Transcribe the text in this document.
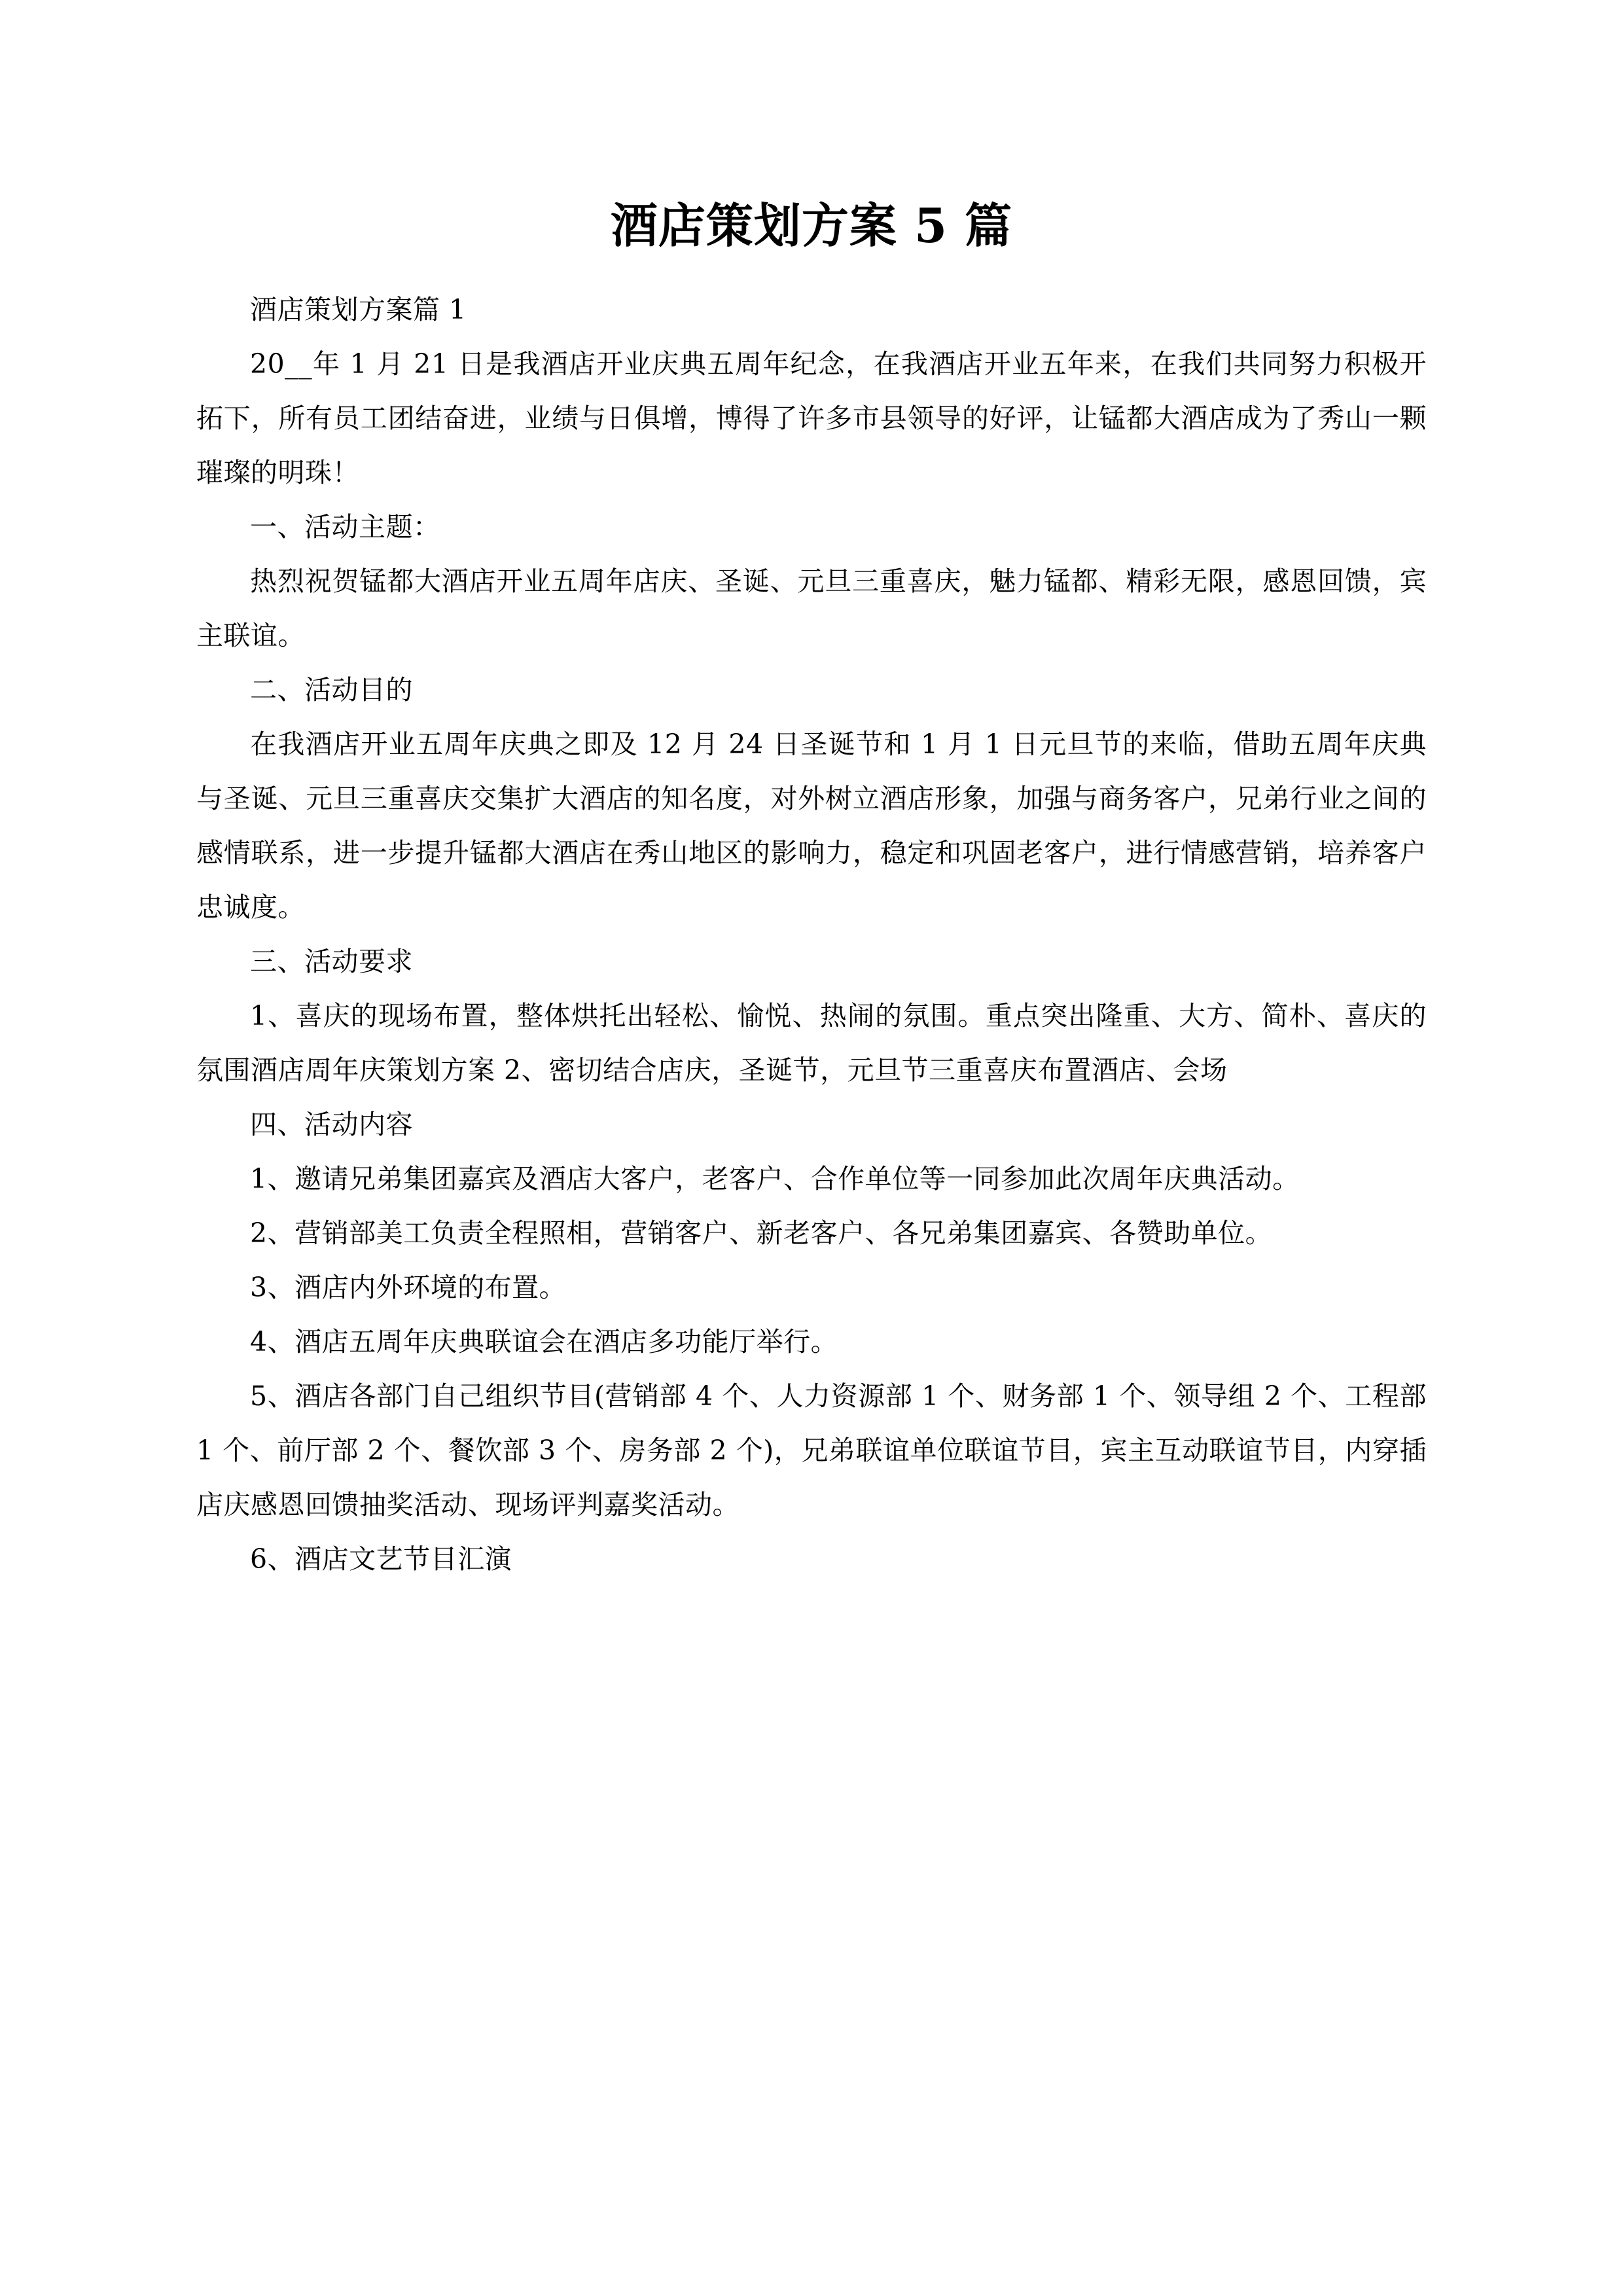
酒店策划方案 5 篇

酒店策划方案篇 1

20__年 1 月 21 日是我酒店开业庆典五周年纪念，在我酒店开业五年来，在我们共同努力积极开拓下，所有员工团结奋进，业绩与日俱增，博得了许多市县领导的好评，让锰都大酒店成为了秀山一颗璀璨的明珠！

一、活动主题：

热烈祝贺锰都大酒店开业五周年店庆、圣诞、元旦三重喜庆，魅力锰都、精彩无限，感恩回馈，宾主联谊。

二、活动目的

在我酒店开业五周年庆典之即及 12 月 24 日圣诞节和 1 月 1 日元旦节的来临，借助五周年庆典与圣诞、元旦三重喜庆交集扩大酒店的知名度，对外树立酒店形象，加强与商务客户，兄弟行业之间的感情联系，进一步提升锰都大酒店在秀山地区的影响力，稳定和巩固老客户，进行情感营销，培养客户忠诚度。

三、活动要求

1、喜庆的现场布置，整体烘托出轻松、愉悦、热闹的氛围。重点突出隆重、大方、简朴、喜庆的氛围酒店周年庆策划方案 2、密切结合店庆，圣诞节，元旦节三重喜庆布置酒店、会场

四、活动内容

1、邀请兄弟集团嘉宾及酒店大客户，老客户、合作单位等一同参加此次周年庆典活动。

2、营销部美工负责全程照相，营销客户、新老客户、各兄弟集团嘉宾、各赞助单位。

3、酒店内外环境的布置。

4、酒店五周年庆典联谊会在酒店多功能厅举行。

5、酒店各部门自己组织节目(营销部 4 个、人力资源部 1 个、财务部 1 个、领导组 2 个、工程部 1 个、前厅部 2 个、餐饮部 3 个、房务部 2 个)，兄弟联谊单位联谊节目，宾主互动联谊节目，内穿插店庆感恩回馈抽奖活动、现场评判嘉奖活动。

6、酒店文艺节目汇演
